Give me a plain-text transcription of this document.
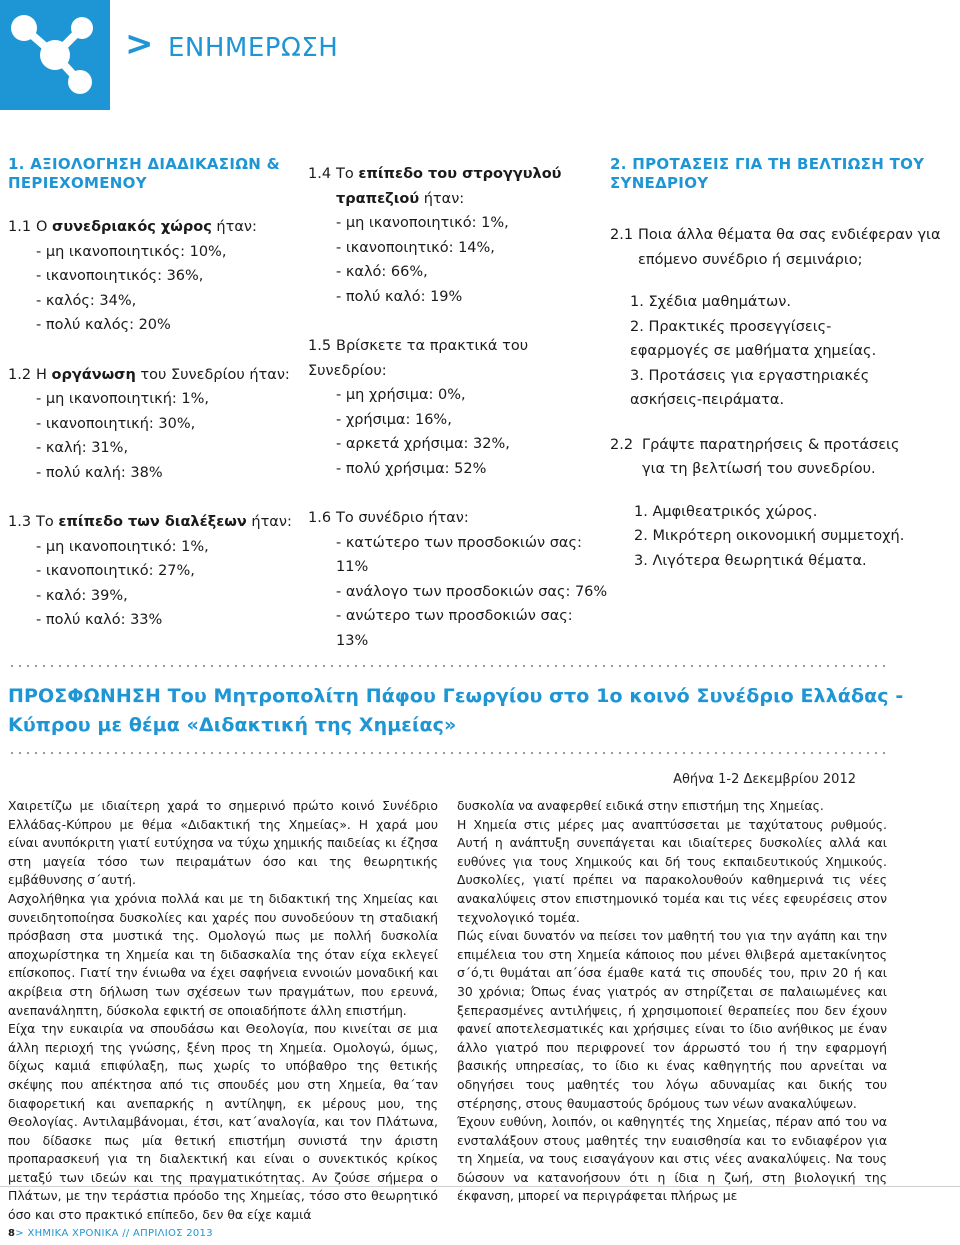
> ΕΝΗΜΕΡΩΣΗ
1. ΑΞΙΟΛΟΓΗΣΗ ΔΙΑΔΙΚΑΣΙΩΝ & ΠΕΡΙΕΧΟΜΕΝΟΥ
1.1 Ο συνεδριακός χώρος ήταν:
- μη ικανοποιητικός: 10%,
- ικανοποιητικός: 36%,
- καλός: 34%,
- πολύ καλός: 20%
1.2 Η οργάνωση του Συνεδρίου ήταν:
- μη ικανοποιητική: 1%,
- ικανοποιητική: 30%,
- καλή: 31%,
- πολύ καλή: 38%
1.3 Το επίπεδο των διαλέξεων ήταν:
- μη ικανοποιητικό: 1%,
- ικανοποιητικό: 27%,
- καλό: 39%,
- πολύ καλό: 33%
1.4 Το επίπεδο του στρογγυλού τραπεζιού ήταν:
- μη ικανοποιητικό: 1%,
- ικανοποιητικό: 14%,
- καλό: 66%,
- πολύ καλό: 19%
1.5 Βρίσκετε τα πρακτικά του Συνεδρίου:
- μη χρήσιμα: 0%,
- χρήσιμα: 16%,
- αρκετά χρήσιμα: 32%,
- πολύ χρήσιμα: 52%
1.6 Το συνέδριο ήταν:
- κατώτερο των προσδοκιών σας: 11%
- ανάλογο των προσδοκιών σας: 76%
- ανώτερο των προσδοκιών σας: 13%
2. ΠΡΟΤΑΣΕΙΣ ΓΙΑ ΤΗ ΒΕΛΤΙΩΣΗ ΤΟΥ ΣΥΝΕΔΡΙΟΥ
2.1 Ποια άλλα θέματα θα σας ενδιέφεραν για επόμενο συνέδριο ή σεμινάριο;
1. Σχέδια μαθημάτων.
2. Πρακτικές προσεγγίσεις-εφαρμογές σε μαθήματα χημείας.
3. Προτάσεις για εργαστηριακές ασκήσεις-πειράματα.
2.2 Γράψτε παρατηρήσεις & προτάσεις για τη βελτίωσή του συνεδρίου.
1. Αμφιθεατρικός χώρος.
2. Μικρότερη οικονομική συμμετοχή.
3. Λιγότερα θεωρητικά θέματα.
ΠΡΟΣΦΩΝΗΣΗ Του Μητροπολίτη Πάφου Γεωργίου στο 1ο κοινό Συνέδριο Ελλάδας - Κύπρου με θέμα «Διδακτική της Χημείας»
Αθήνα 1-2 Δεκεμβρίου 2012

Χαιρετίζω με ιδιαίτερη χαρά το σημερινό πρώτο κοινό Συνέδριο Ελλάδας-Κύπρου με θέμα «Διδακτική της Χημείας». Η χαρά μου είναι ανυπόκριτη γιατί ευτύχησα να τύχω χημικής παιδείας κι έζησα στη μαγεία τόσο των πειραμάτων όσο και της θεωρητικής εμβάθυνσης σ΄αυτή.

Ασχολήθηκα για χρόνια πολλά και με τη διδακτική της Χημείας και συνειδητοποίησα δυσκολίες και χαρές που συνοδεύουν τη σταδιακή πρόσβαση στα μυστικά της. Ομολογώ πως με πολλή δυσκολία αποχωρίστηκα τη Χημεία και τη διδασκαλία της όταν είχα εκλεγεί επίσκοπος. Γιατί την ένιωθα να έχει σαφήνεια εννοιών μοναδική και ακρίβεια στη δήλωση των σχέσεων των πραγμάτων, που ερευνά, ανεπανάληπτη, δύσκολα εφικτή σε οποιαδήποτε άλλη επιστήμη.

Είχα την ευκαιρία να σπουδάσω και Θεολογία, που κινείται σε μια άλλη περιοχή της γνώσης, ξένη προς τη Χημεία. Ομολογώ, όμως, δίχως καμιά επιφύλαξη, πως χωρίς το υπόβαθρο της θετικής σκέψης που απέκτησα από τις σπουδές μου στη Χημεία, θα΄ταν διαφορετική και ανεπαρκής η αντίληψη, εκ μέρους μου, της Θεολογίας. Αντιλαμβάνομαι, έτσι, κατ΄αναλογία, και τον Πλάτωνα, που δίδασκε πως μία θετική επιστήμη συνιστά την άριστη προπαρασκευή για τη διαλεκτική και είναι ο συνεκτικός κρίκος μεταξύ των ιδεών και της πραγματικότητας. Αν ζούσε σήμερα ο Πλάτων, με την τεράστια πρόοδο της Χημείας, τόσο στο θεωρητικό όσο και στο πρακτικό επίπεδο, δεν θα είχε καμιά

δυσκολία να αναφερθεί ειδικά στην επιστήμη της Χημείας.

Η Χημεία στις μέρες μας αναπτύσσεται με ταχύτατους ρυθμούς. Αυτή η ανάπτυξη συνεπάγεται και ιδιαίτερες δυσκολίες αλλά και ευθύνες για τους Χημικούς και δή τους εκπαιδευτικούς Χημικούς. Δυσκολίες, γιατί πρέπει να παρακολουθούν καθημερινά τις νέες ανακαλύψεις στον επιστημονικό τομέα και τις νέες εφευρέσεις στον τεχνολογικό τομέα.

Πώς είναι δυνατόν να πείσει τον μαθητή του για την αγάπη και την επιμέλεια του στη Χημεία κάποιος που μένει θλιβερά αμετακίνητος σ΄ό,τι θυμάται απ΄όσα έμαθε κατά τις σπουδές του, πριν 20 ή και 30 χρόνια; Όπως ένας γιατρός αν στηρίζεται σε παλαιωμένες και ξεπερασμένες αντιλήψεις, ή χρησιμοποιεί θεραπείες που δεν έχουν φανεί αποτελεσματικές και χρήσιμες είναι το ίδιο ανήθικος με έναν άλλο γιατρό που περιφρονεί τον άρρωστό του ή την εφαρμογή βασικής υπηρεσίας, το ίδιο κι ένας καθηγητής που αρνείται να οδηγήσει τους μαθητές του λόγω αδυναμίας και δικής του στέρησης, στους θαυμαστούς δρόμους των νέων ανακαλύψεων.

Έχουν ευθύνη, λοιπόν, οι καθηγητές της Χημείας, πέραν από του να ενσταλάξουν στους μαθητές την ευαισθησία και το ενδιαφέρον για τη Χημεία, να τους εισαγάγουν και στις νέες ανακαλύψεις. Να τους δώσουν να κατανοήσουν ότι η ίδια η ζωή, στη βιολογική της έκφανση, μπορεί να περιγράφεται πλήρως με

8> ΧΗΜΙΚΑ ΧΡΟΝΙΚΑ // ΑΠΡΙΛΙΟΣ 2013
